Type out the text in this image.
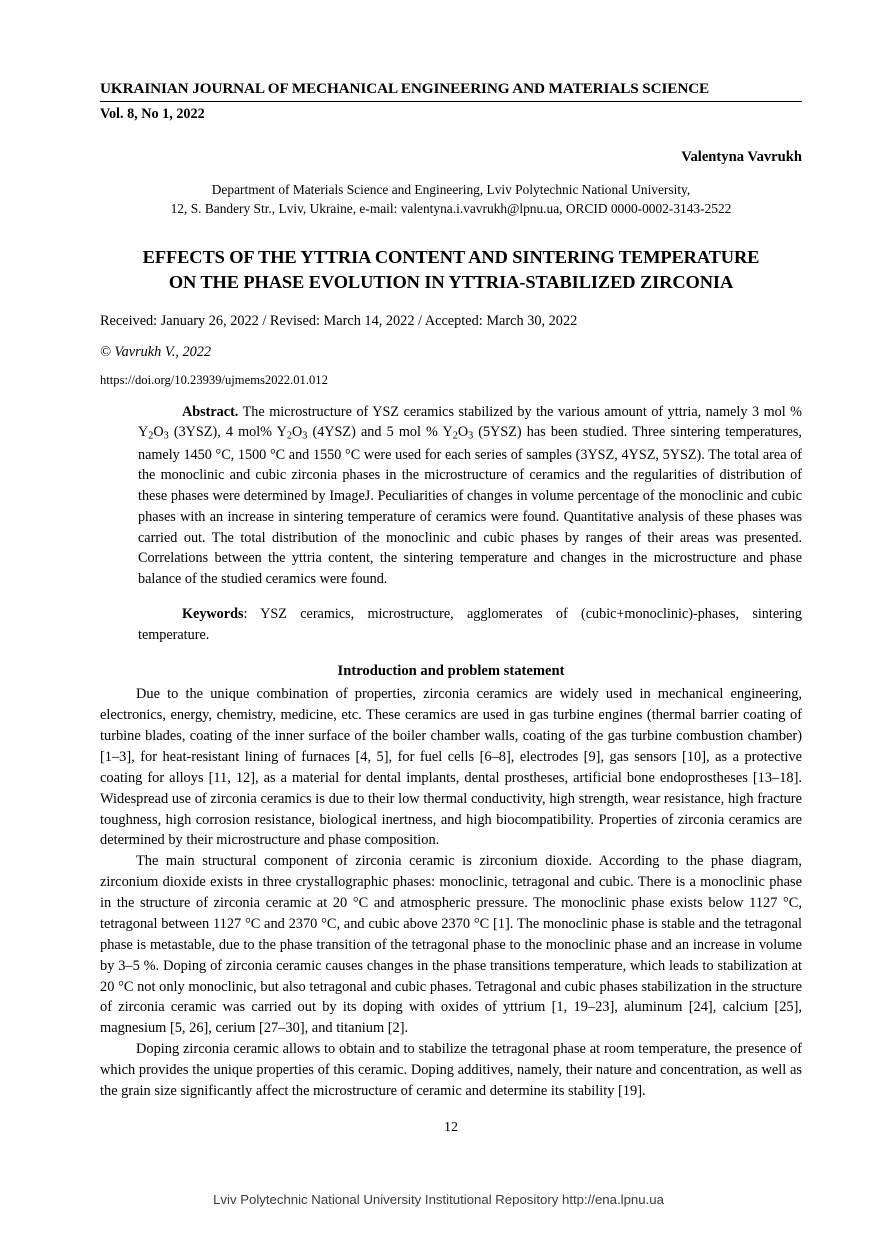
UKRAINIAN JOURNAL OF MECHANICAL ENGINEERING AND MATERIALS SCIENCE
Vol. 8, No 1, 2022
Valentyna Vavrukh
Department of Materials Science and Engineering, Lviv Polytechnic National University,
12, S. Bandery Str., Lviv, Ukraine, e-mail: valentyna.i.vavrukh@lpnu.ua, ORCID 0000-0002-3143-2522
EFFECTS OF THE YTTRIA CONTENT AND SINTERING TEMPERATURE
ON THE PHASE EVOLUTION IN YTTRIA-STABILIZED ZIRCONIA
Received: January 26, 2022 / Revised: March 14, 2022 / Accepted: March 30, 2022
© Vavrukh V., 2022
https://doi.org/10.23939/ujmems2022.01.012

Abstract. The microstructure of YSZ ceramics stabilized by the various amount of yttria, namely 3 mol % $Y_2O_3$ (3YSZ), 4 mol% $Y_2O_3$ (4YSZ) and 5 mol % $Y_2O_3$ (5YSZ) has been studied. Three sintering temperatures, namely 1450 °C, 1500 °C and 1550 °C were used for each series of samples (3YSZ, 4YSZ, 5YSZ). The total area of the monoclinic and cubic zirconia phases in the microstructure of ceramics and the regularities of distribution of these phases were determined by ImageJ. Peculiarities of changes in volume percentage of the monoclinic and cubic phases with an increase in sintering temperature of ceramics were found. Quantitative analysis of these phases was carried out. The total distribution of the monoclinic and cubic phases by ranges of their areas was presented. Correlations between the yttria content, the sintering temperature and changes in the microstructure and phase balance of the studied ceramics were found.

Keywords: YSZ ceramics, microstructure, agglomerates of (cubic+monoclinic)-phases, sintering temperature.

Introduction and problem statement

Due to the unique combination of properties, zirconia ceramics are widely used in mechanical engineering, electronics, energy, chemistry, medicine, etc. These ceramics are used in gas turbine engines (thermal barrier coating of turbine blades, coating of the inner surface of the boiler chamber walls, coating of the gas turbine combustion chamber) [1–3], for heat-resistant lining of furnaces [4, 5], for fuel cells [6–8], electrodes [9], gas sensors [10], as a protective coating for alloys [11, 12], as a material for dental implants, dental prostheses, artificial bone endoprostheses [13–18]. Widespread use of zirconia ceramics is due to their low thermal conductivity, high strength, wear resistance, high fracture toughness, high corrosion resistance, biological inertness, and high biocompatibility. Properties of zirconia ceramics are determined by their microstructure and phase composition.

The main structural component of zirconia ceramic is zirconium dioxide. According to the phase diagram, zirconium dioxide exists in three crystallographic phases: monoclinic, tetragonal and cubic. There is a monoclinic phase in the structure of zirconia ceramic at 20 °C and atmospheric pressure. The monoclinic phase exists below 1127 °C, tetragonal between 1127 °C and 2370 °C, and cubic above 2370 °C [1]. The monoclinic phase is stable and the tetragonal phase is metastable, due to the phase transition of the tetragonal phase to the monoclinic phase and an increase in volume by 3–5 %. Doping of zirconia ceramic causes changes in the phase transitions temperature, which leads to stabilization at 20 °C not only monoclinic, but also tetragonal and cubic phases. Tetragonal and cubic phases stabilization in the structure of zirconia ceramic was carried out by its doping with oxides of yttrium [1, 19–23], aluminum [24], calcium [25], magnesium [5, 26], cerium [27–30], and titanium [2].

Doping zirconia ceramic allows to obtain and to stabilize the tetragonal phase at room temperature, the presence of which provides the unique properties of this ceramic. Doping additives, namely, their nature and concentration, as well as the grain size significantly affect the microstructure of ceramic and determine its stability [19].

12
Lviv Polytechnic National University Institutional Repository http://ena.lpnu.ua
